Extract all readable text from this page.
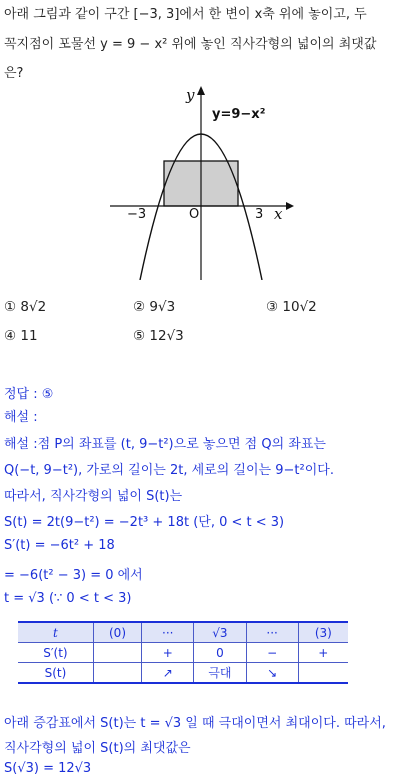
아래 그림과 같이 구간 [−3, 3]에서 한 변이 x축 위에 놓이고, 두
꼭지점이 포물선 y = 9 − x² 위에 놓인 직사각형의 넓이의 최댓값
은?
y
y=9−x²
−3	O	3 x
① 8√2	② 9√3	③ 10√2
④ 11	⑤ 12√3
정답 : ⑤
해설 :
해설 :점 P의 좌표를 (t, 9−t²)으로 놓으면 점 Q의 좌표는
Q(−t, 9−t²), 가로의 길이는 2t, 세로의 길이는 9−t²이다.
따라서, 직사각형의 넓이 S(t)는
S(t) = 2t(9−t²) = −2t³ + 18t (단, 0 < t < 3)
S′(t) = −6t² + 18
= −6(t² − 3) = 0 에서
t = √3 (∵ 0 < t < 3)
t	(0)	···	√3	···	(3)
S′(t)		+	0	−	+
S(t)		↗	극대	↘	
아래 증감표에서 S(t)는 t = √3 일 때 극대이면서 최대이다. 따라서,
직사각형의 넓이 S(t)의 최댓값은
S(√3) = 12√3
